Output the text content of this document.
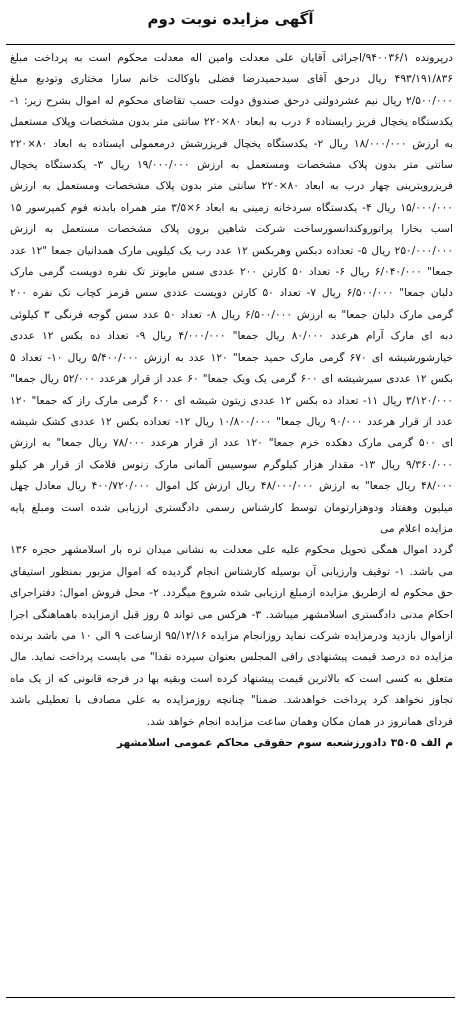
آگهی مزایده نوبت دوم

درپرونده ۹۴۰۰۳۶/۱/اجرائی آقایان علی معدلت وامین اله معدلت محکوم است به پرداخت مبلغ ۴۹۳/۱۹۱/۸۳۶ ریال درحق آقای سیدحمیدرضا فضلی باوکالت خانم سارا مختاری وتودیع مبلغ ۲/۵۰۰/۰۰۰ ریال نیم عشردولتی درحق صندوق دولت حسب تقاضای محکوم له اموال بشرح زیر: ۱- یکدستگاه یخچال فریز رایستاده ۶ درب به ابعاد ۸۰×۲۲۰ سانتی متر بدون مشخصات وپلاک مستعمل به ارزش ۱۸/۰۰۰/۰۰۰ ریال ۲- یکدستگاه یخچال فریزرشش درمعمولی ایستاده به ابعاد ۸۰×۲۲۰ سانتی متر بدون پلاک مشخصات ومستعمل به ارزش ۱۹/۰۰۰/۰۰۰ ریال ۳- یکدستگاه یخچال فریزرویترینی چهار درب به ابعاد ۸۰×۲۲۰ سانتی متر بدون پلاک مشخصات ومستعمل به ارزش ۱۵/۰۰۰/۰۰۰ ریال ۴- یکدستگاه سردخانه زمینی به ابعاد ۶×۳/۵ متر همراه بابدنه فوم کمپرسور ۱۵ اسب بخارا پراتوروکندانسورساخت شرکت شاهین برون پلاک مشخصات مستعمل به ارزش ۲۵۰/۰۰۰/۰۰۰ ریال ۵- تعداده دبکس وهربکس ۱۲ عدد رب یک کیلویی مارک همدانیان جمعا "۱۲ عدد جمعا" ۶/۰۴۰/۰۰۰ ریال ۶- تعداد ۵۰ کارتن ۲۰۰ عددی سس مایونز تک نفره دویست گرمی مارک دلبان جمعا" ۶/۵۰۰/۰۰۰ ریال ۷- تعداد ۵۰ کارتن دویست عددی سس قرمز کچاب تک نفره ۲۰۰ گرمی مارک دلبان جمعا" به ارزش ۶/۵۰۰/۰۰۰ ریال ۸- تعداد ۵۰ عدد سس گوجه فرنگی ۳ کیلوئی دبه ای مارک آرام هرعدد ۸۰/۰۰۰ ریال جمعا" ۴/۰۰۰/۰۰۰ ریال ۹- تعداد ده بکس ۱۲ عددی خیارشورشیشه ای ۶۷۰ گرمی مارک حمید جمعا" ۱۲۰ عدد به ارزش ۵/۴۰۰/۰۰۰ ریال ۱۰- تعداد ۵ بکس ۱۲ عددی سیرشیشه ای ۶۰۰ گرمی یک ویک جمعا" ۶۰ عدد از قرار هرعدد ۵۲/۰۰۰ ریال جمعا" ۳/۱۲۰/۰۰۰ ریال ۱۱- تعداد ده بکس ۱۲ عددی زیتون شیشه ای ۶۰۰ گرمی مارک راز که جمعا" ۱۲۰ عدد از قرار هرعدد ۹۰/۰۰۰ ریال جمعا" ۱۰/۸۰۰/۰۰۰ ریال ۱۲- تعداده بکس ۱۲ عددی کشک شیشه ای ۵۰۰ گرمی مارک دهکده خرم جمعا" ۱۲۰ عدد از قرار هرعدد ۷۸/۰۰۰ ریال جمعا" به ارزش ۹/۳۶۰/۰۰۰ ریال ۱۳- مقدار هزار کیلوگرم سوسیس آلمانی مارک زنوس فلامک از قرار هر کیلو ۴۸/۰۰۰ ریال جمعا" به ارزش ۴۸/۰۰۰/۰۰۰ ریال ارزش کل اموال ۴۰۰/۷۲۰/۰۰۰ ریال معادل چهل میلیون وهفتاد ودوهزارتومان توسط کارشناس رسمی دادگستری ارزیابی شده است ومبلغ پایه مزایده اعلام می

گردد اموال همگی تحویل محکوم علیه علی معدلت به نشانی میدان تره بار اسلامشهر حجره ۱۳۶ می باشد. ۱- توقیف وارزیابی آن بوسیله کارشناس انجام گردیده که اموال مزبور بمنظور استیفای حق محکوم له ازطریق مزایده ازمبلغ ارزیابی شده شروع میگردد. ۲- محل فروش اموال: دفتراجرای احکام مدنی دادگستری اسلامشهر میباشد. ۳- هرکس می تواند ۵ روز قبل ازمزایده باهماهنگی اجرا ازاموال بازدید ودرمزایده شرکت نماید روزانجام مزایده ۹۵/۱۲/۱۶ ازساعت ۹ الی ۱۰ می باشد برنده مزایده ده درصد قیمت پیشنهادی رافی المجلس بعنوان سپرده نقدا" می بایست پرداخت نماید. مال متعلق به کسی است که بالاترین قیمت پیشنهاد کرده است وبقیه بها در فرجه قانونی که از یک ماه تجاوز نخواهد کرد پرداخت خواهدشد. ضمنا" چنانچه روزمزایده به علی مصادف با تعطیلی باشد فردای همانروز در همان مکان وهمان ساعت مزایده انجام خواهد شد.

م الف ۳۵۰۵ دادورزشعبه سوم حقوقی محاکم عمومی اسلامشهر
